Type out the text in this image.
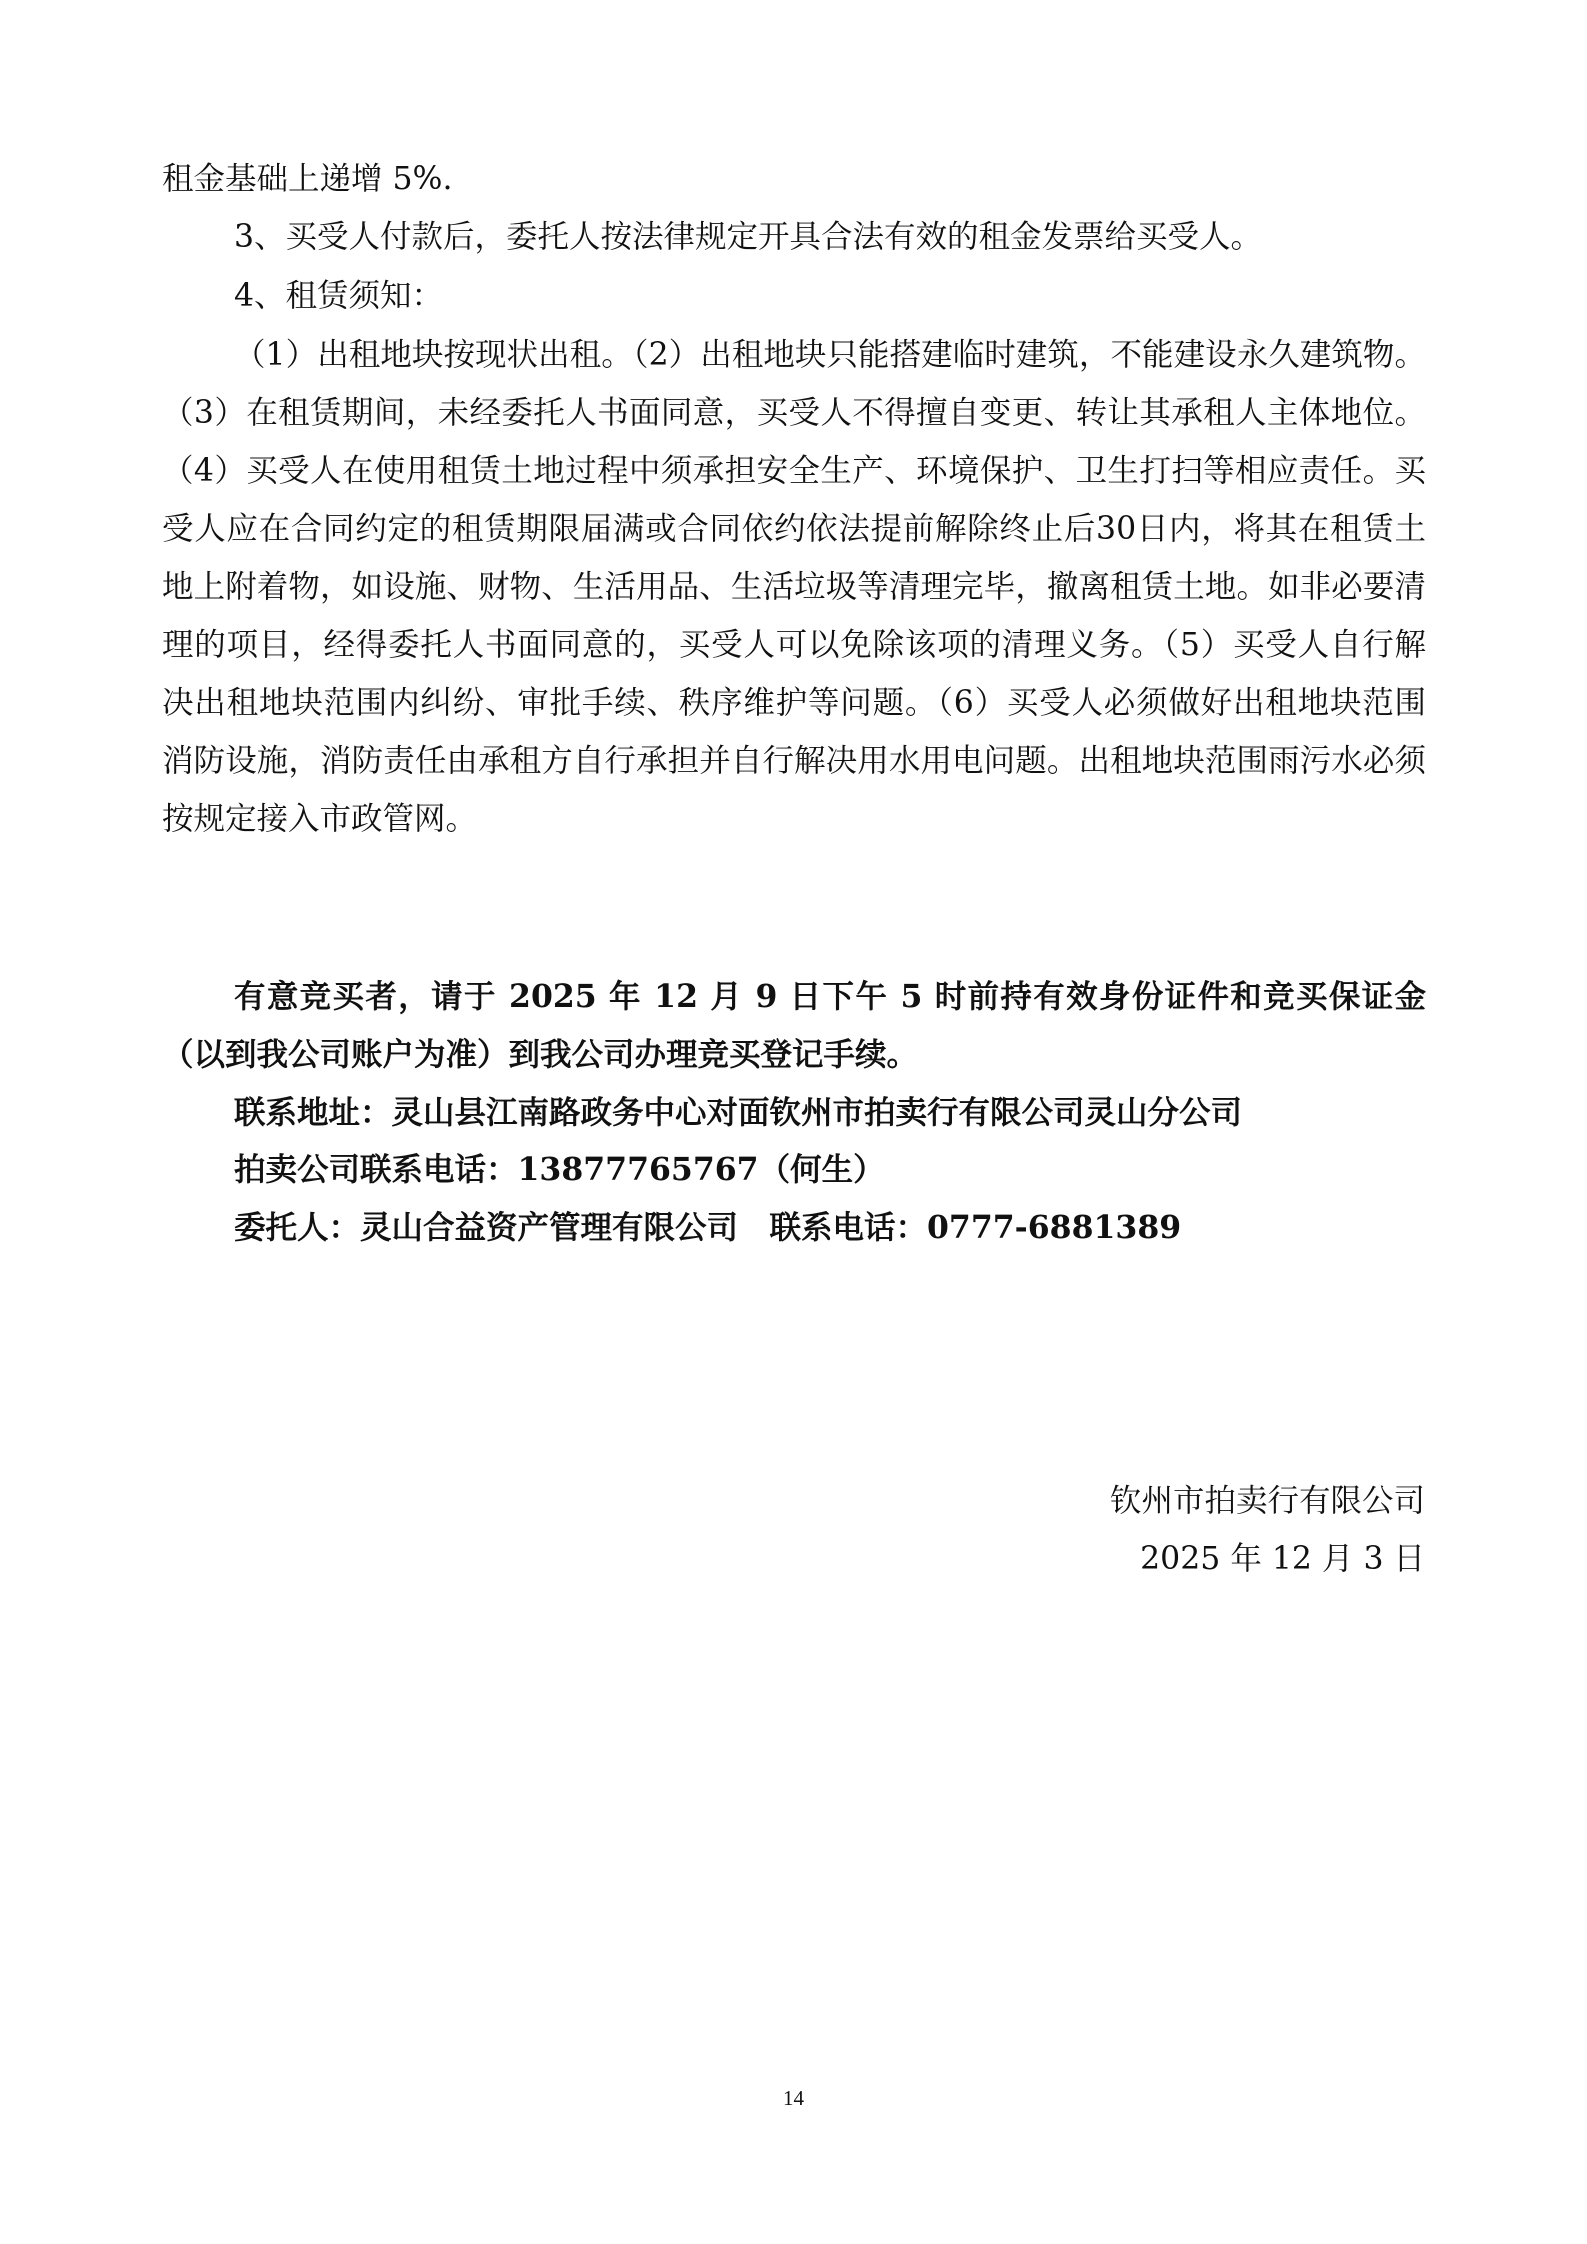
租金基础上递增 5%.

3、买受人付款后，委托人按法律规定开具合法有效的租金发票给买受人。

4、租赁须知：

（1）出租地块按现状出租。（2）出租地块只能搭建临时建筑，不能建设永久建筑物。（3）在租赁期间，未经委托人书面同意，买受人不得擅自变更、转让其承租人主体地位。（4）买受人在使用租赁土地过程中须承担安全生产、环境保护、卫生打扫等相应责任。买受人应在合同约定的租赁期限届满或合同依约依法提前解除终止后30日内，将其在租赁土地上附着物，如设施、财物、生活用品、生活垃圾等清理完毕，撤离租赁土地。如非必要清理的项目，经得委托人书面同意的，买受人可以免除该项的清理义务。（5）买受人自行解决出租地块范围内纠纷、审批手续、秩序维护等问题。（6）买受人必须做好出租地块范围消防设施，消防责任由承租方自行承担并自行解决用水用电问题。出租地块范围雨污水必须按规定接入市政管网。

有意竞买者，请于 2025 年 12 月 9 日下午 5 时前持有效身份证件和竞买保证金（以到我公司账户为准）到我公司办理竞买登记手续。

联系地址：灵山县江南路政务中心对面钦州市拍卖行有限公司灵山分公司

拍卖公司联系电话：13877765767（何生）

委托人：灵山合益资产管理有限公司　联系电话：0777-6881389

钦州市拍卖行有限公司
2025 年 12 月 3 日
14
